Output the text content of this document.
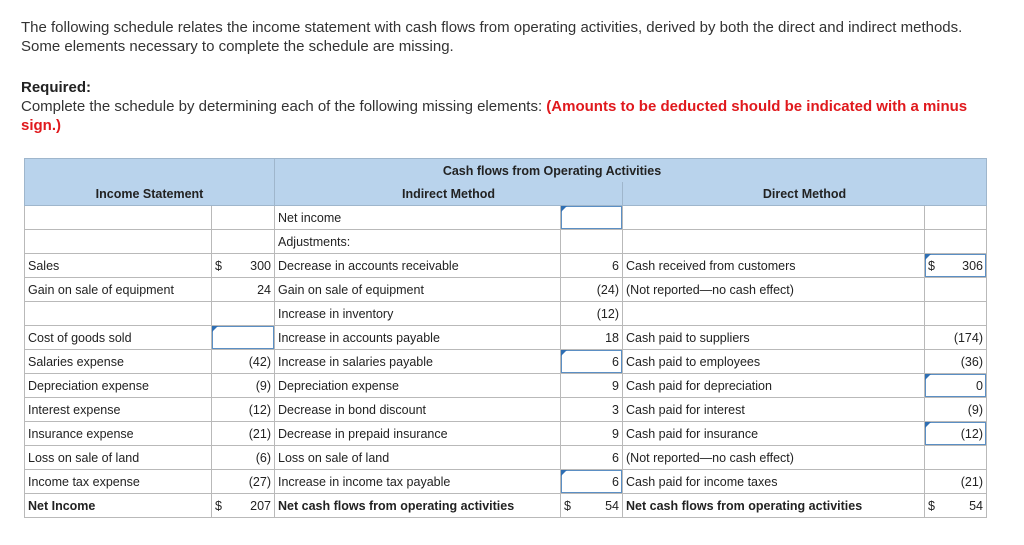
The following schedule relates the income statement with cash flows from operating activities, derived by both the direct and indirect methods. Some elements necessary to complete the schedule are missing.
Required:
Complete the schedule by determining each of the following missing elements: (Amounts to be deducted should be indicated with a minus sign.)
		Cash flows from Operating Activities			
Income Statement		Indirect Method		Direct Method	
		Net income			
		Adjustments:			
Sales	$ 300	Decrease in accounts receivable	6	Cash received from customers	$ 306
Gain on sale of equipment	24	Gain on sale of equipment	(24)	(Not reported—no cash effect)	
		Increase in inventory	(12)		
Cost of goods sold		Increase in accounts payable	18	Cash paid to suppliers	(174)
Salaries expense	(42)	Increase in salaries payable	6	Cash paid to employees	(36)
Depreciation expense	(9)	Depreciation expense	9	Cash paid for depreciation	0
Interest expense	(12)	Decrease in bond discount	3	Cash paid for interest	(9)
Insurance expense	(21)	Decrease in prepaid insurance	9	Cash paid for insurance	(12)
Loss on sale of land	(6)	Loss on sale of land	6	(Not reported—no cash effect)	
Income tax expense	(27)	Increase in income tax payable	6	Cash paid for income taxes	(21)
Net Income	$ 207	Net cash flows from operating activities	$ 54	Net cash flows from operating activities	$ 54
